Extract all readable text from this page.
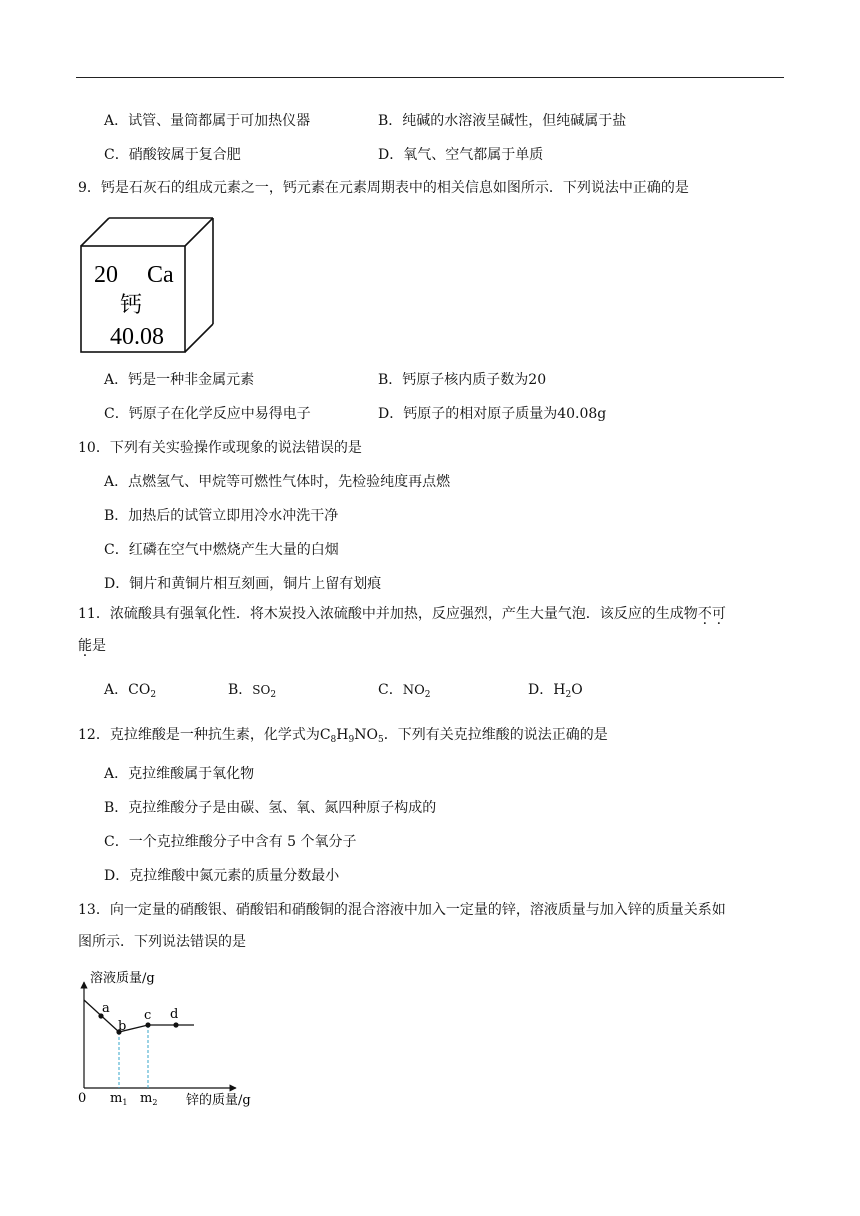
A．试管、量筒都属于可加热仪器	B．纯碱的水溶液呈碱性，但纯碱属于盐
C．硝酸铵属于复合肥	D．氧气、空气都属于单质
9．钙是石灰石的组成元素之一，钙元素在元素周期表中的相关信息如图所示．下列说法中正确的是
20 Ca
钙
40.08
A．钙是一种非金属元素	B．钙原子核内质子数为20
C．钙原子在化学反应中易得电子	D．钙原子的相对原子质量为40.08g
10．下列有关实验操作或现象的说法错误的是
A．点燃氢气、甲烷等可燃性气体时，先检验纯度再点燃
B．加热后的试管立即用冷水冲洗干净
C．红磷在空气中燃烧产生大量的白烟
D．铜片和黄铜片相互刻画，铜片上留有划痕
11．浓硫酸具有强氧化性．将木炭投入浓硫酸中并加热，反应强烈，产生大量气泡．该反应的生成物不可
能是
A．$CO_2$	B．$SO_2$	C．$NO_2$	D．$H_2O$
12．克拉维酸是一种抗生素，化学式为$C_8H_9NO_5$．下列有关克拉维酸的说法正确的是
A．克拉维酸属于氧化物
B．克拉维酸分子是由碳、氢、氧、氮四种原子构成的
C．一个克拉维酸分子中含有 5 个氧分子
D．克拉维酸中氮元素的质量分数最小
13．向一定量的硝酸银、硝酸铝和硝酸铜的混合溶液中加入一定量的锌，溶液质量与加入锌的质量关系如
图所示．下列说法错误的是
a
b
c d
溶液质量/g
0 $m_1$ $m_2$ 锌的质量/g
